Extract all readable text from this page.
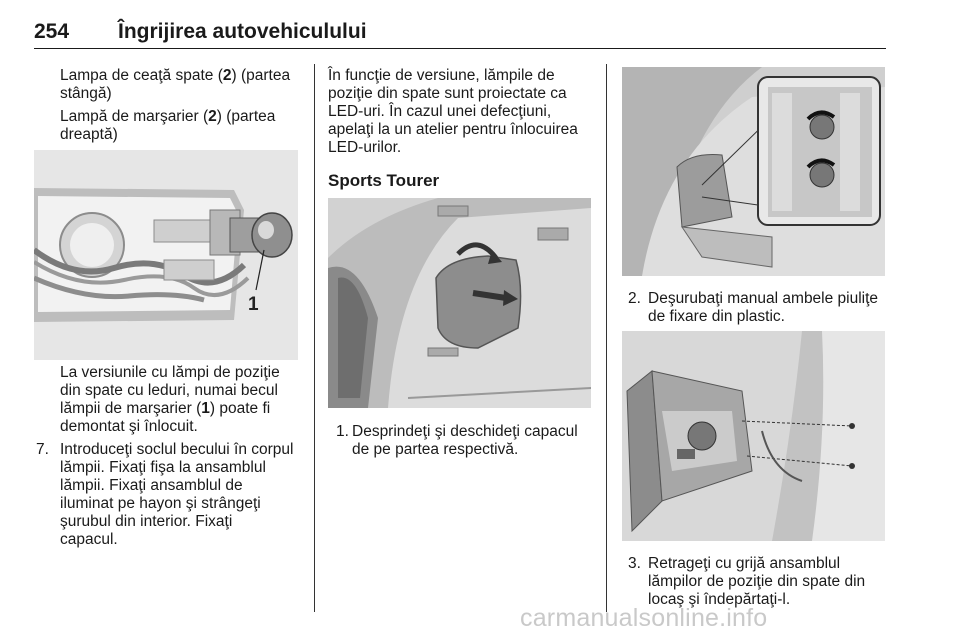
254 Îngrijirea autovehiculului
Lampa de ceaţă spate (2) (partea
stângă)
Lampă de marşarier (2) (partea
dreaptă)
1
La versiunile cu lămpi de poziţie
din spate cu leduri, numai becul
lămpii de marşarier (1) poate fi
demontat şi înlocuit.
7. Introduceţi soclul becului în corpul
lămpii. Fixaţi fişa la ansamblul
lămpii. Fixaţi ansamblul de
iluminat pe hayon şi strângeţi
şurubul din interior. Fixaţi
capacul.
În funcţie de versiune, lămpile de
poziţie din spate sunt proiectate ca
LED-uri. În cazul unei defecţiuni,
apelaţi la un atelier pentru înlocuirea
LED-urilor.
Sports Tourer
1. Desprindeţi şi deschideţi capacul
de pe partea respectivă.
2. Deşurubaţi manual ambele piuliţe
de fixare din plastic.
3. Retrageţi cu grijă ansamblul
lămpilor de poziţie din spate din
locaş şi îndepărtaţi-l.
carmanualsonline.info
